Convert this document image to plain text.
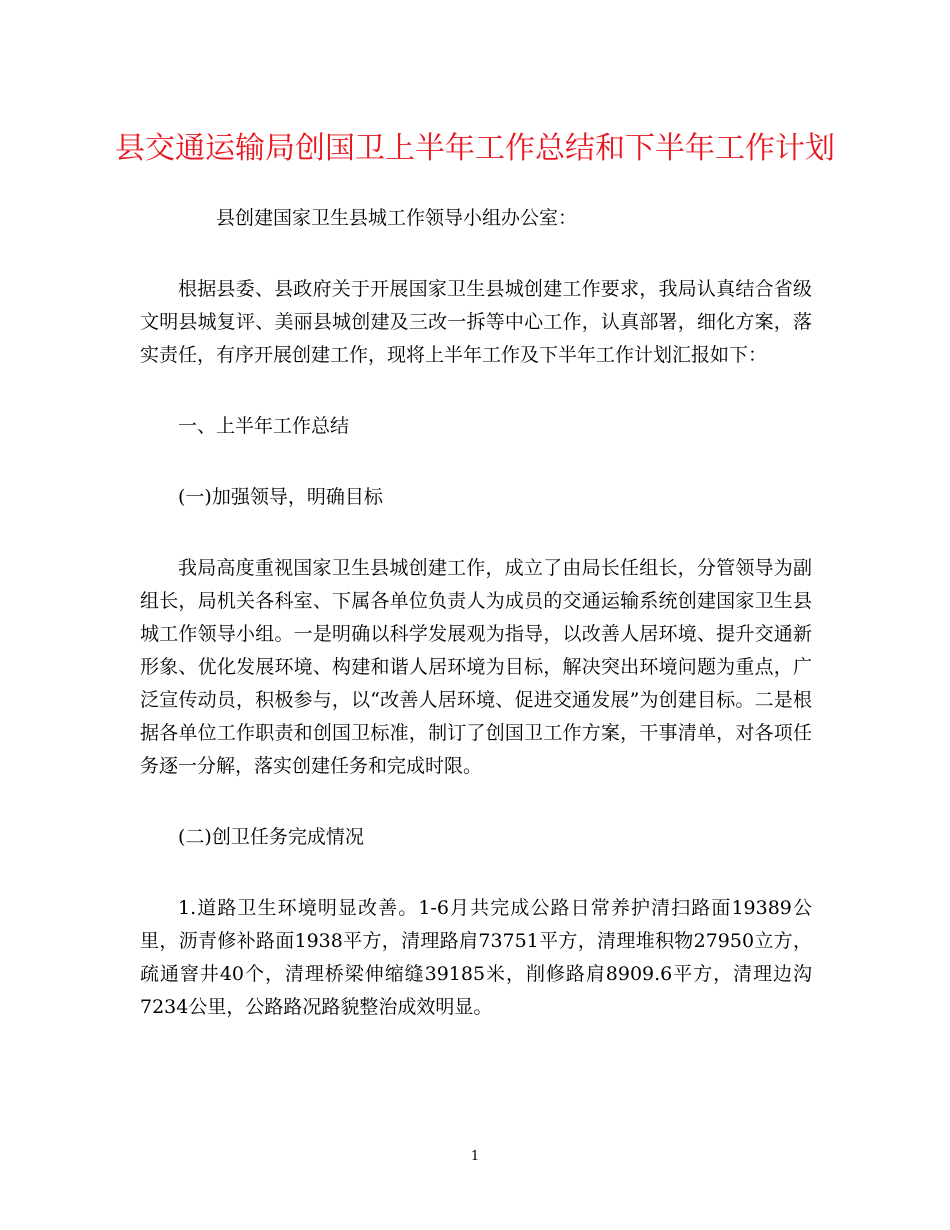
县交通运输局创国卫上半年工作总结和下半年工作计划

县创建国家卫生县城工作领导小组办公室：

根据县委、县政府关于开展国家卫生县城创建工作要求，我局认真结合省级文明县城复评、美丽县城创建及三改一拆等中心工作，认真部署，细化方案，落实责任，有序开展创建工作，现将上半年工作及下半年工作计划汇报如下：

一、上半年工作总结

(一)加强领导，明确目标

我局高度重视国家卫生县城创建工作，成立了由局长任组长，分管领导为副组长，局机关各科室、下属各单位负责人为成员的交通运输系统创建国家卫生县城工作领导小组。一是明确以科学发展观为指导，以改善人居环境、提升交通新形象、优化发展环境、构建和谐人居环境为目标，解决突出环境问题为重点，广泛宣传动员，积极参与，以“改善人居环境、促进交通发展”为创建目标。二是根据各单位工作职责和创国卫标准，制订了创国卫工作方案，干事清单，对各项任务逐一分解，落实创建任务和完成时限。

(二)创卫任务完成情况

1.道路卫生环境明显改善。1-6月共完成公路日常养护清扫路面19389公里，沥青修补路面1938平方，清理路肩73751平方，清理堆积物27950立方，疏通窨井40个，清理桥梁伸缩缝39185米，削修路肩8909.6平方，清理边沟7234公里，公路路况路貌整治成效明显。

1
